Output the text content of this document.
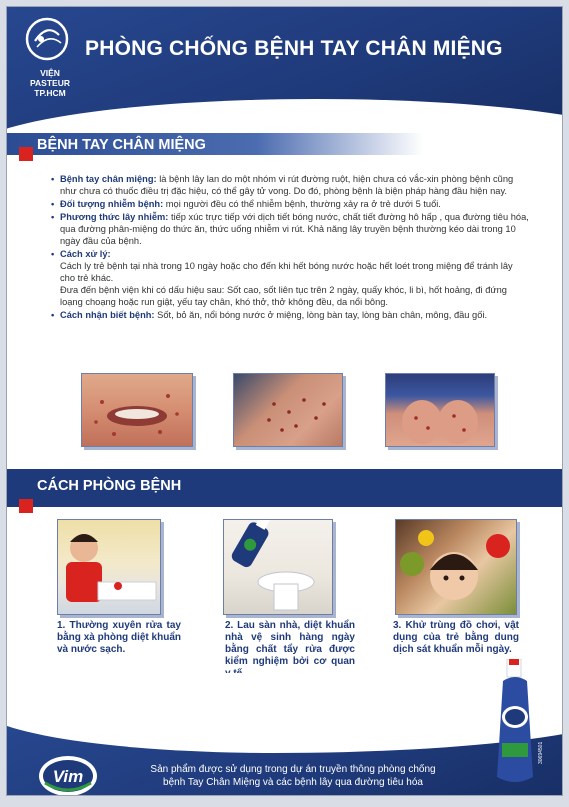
VIỆN PASTEUR
TP.HCM
PHÒNG CHỐNG BỆNH TAY CHÂN MIỆNG
BỆNH TAY CHÂN MIỆNG
• Bệnh tay chân miệng: là bệnh lây lan do một nhóm vi rút đường ruột, hiện chưa có vắc-xin phòng bệnh cũng như chưa có thuốc điều trị đặc hiệu, có thể gây tử vong. Do đó, phòng bệnh là biện pháp hàng đầu hiện nay.
• Đối tượng nhiễm bệnh: mọi người đều có thể nhiễm bệnh, thường xảy ra ở trẻ dưới 5 tuổi.
• Phương thức lây nhiễm: tiếp xúc trực tiếp với dịch tiết bóng nước, chất tiết đường hô hấp , qua đường tiêu hóa, qua đường phân-miệng do thức ăn, thức uống nhiễm vi rút. Khả năng lây truyền bệnh thường kéo dài trong 10 ngày đầu của bệnh.
• Cách xử lý:

Cách ly trẻ bệnh tại nhà trong 10 ngày hoặc cho đến khi hết bóng nước hoặc hết loét trong miệng để tránh lây cho trẻ khác.

Đưa đến bệnh viện khi có dấu hiệu sau: Sốt cao, sốt liên tục trên 2 ngày, quấy khóc, li bì, hốt hoảng, đi đứng loạng choạng hoặc run giật, yếu tay chân, khó thở, thở không đều, da nổi bông.

• Cách nhận biết bệnh: Sốt, bỏ ăn, nổi bóng nước ở miệng, lòng bàn tay, lòng bàn chân, mông, đầu gối.
CÁCH PHÒNG BỆNH
1. Thường xuyên rửa tay bằng xà phòng diệt khuẩn và nước sạch.
2. Lau sàn nhà, diệt khuẩn nhà vệ sinh hàng ngày bằng chất tẩy rửa được kiểm nghiệm bởi cơ quan
3. Khử trùng đồ chơi, vật dụng của trẻ bằng dung dịch sát khuẩn mỗi ngày.
Vim	Sản phẩm được sử dụng trong dự án truyền thông phòng chống
bệnh Tay Chân Miệng và các bệnh lây qua đường tiêu hóa
30694501
